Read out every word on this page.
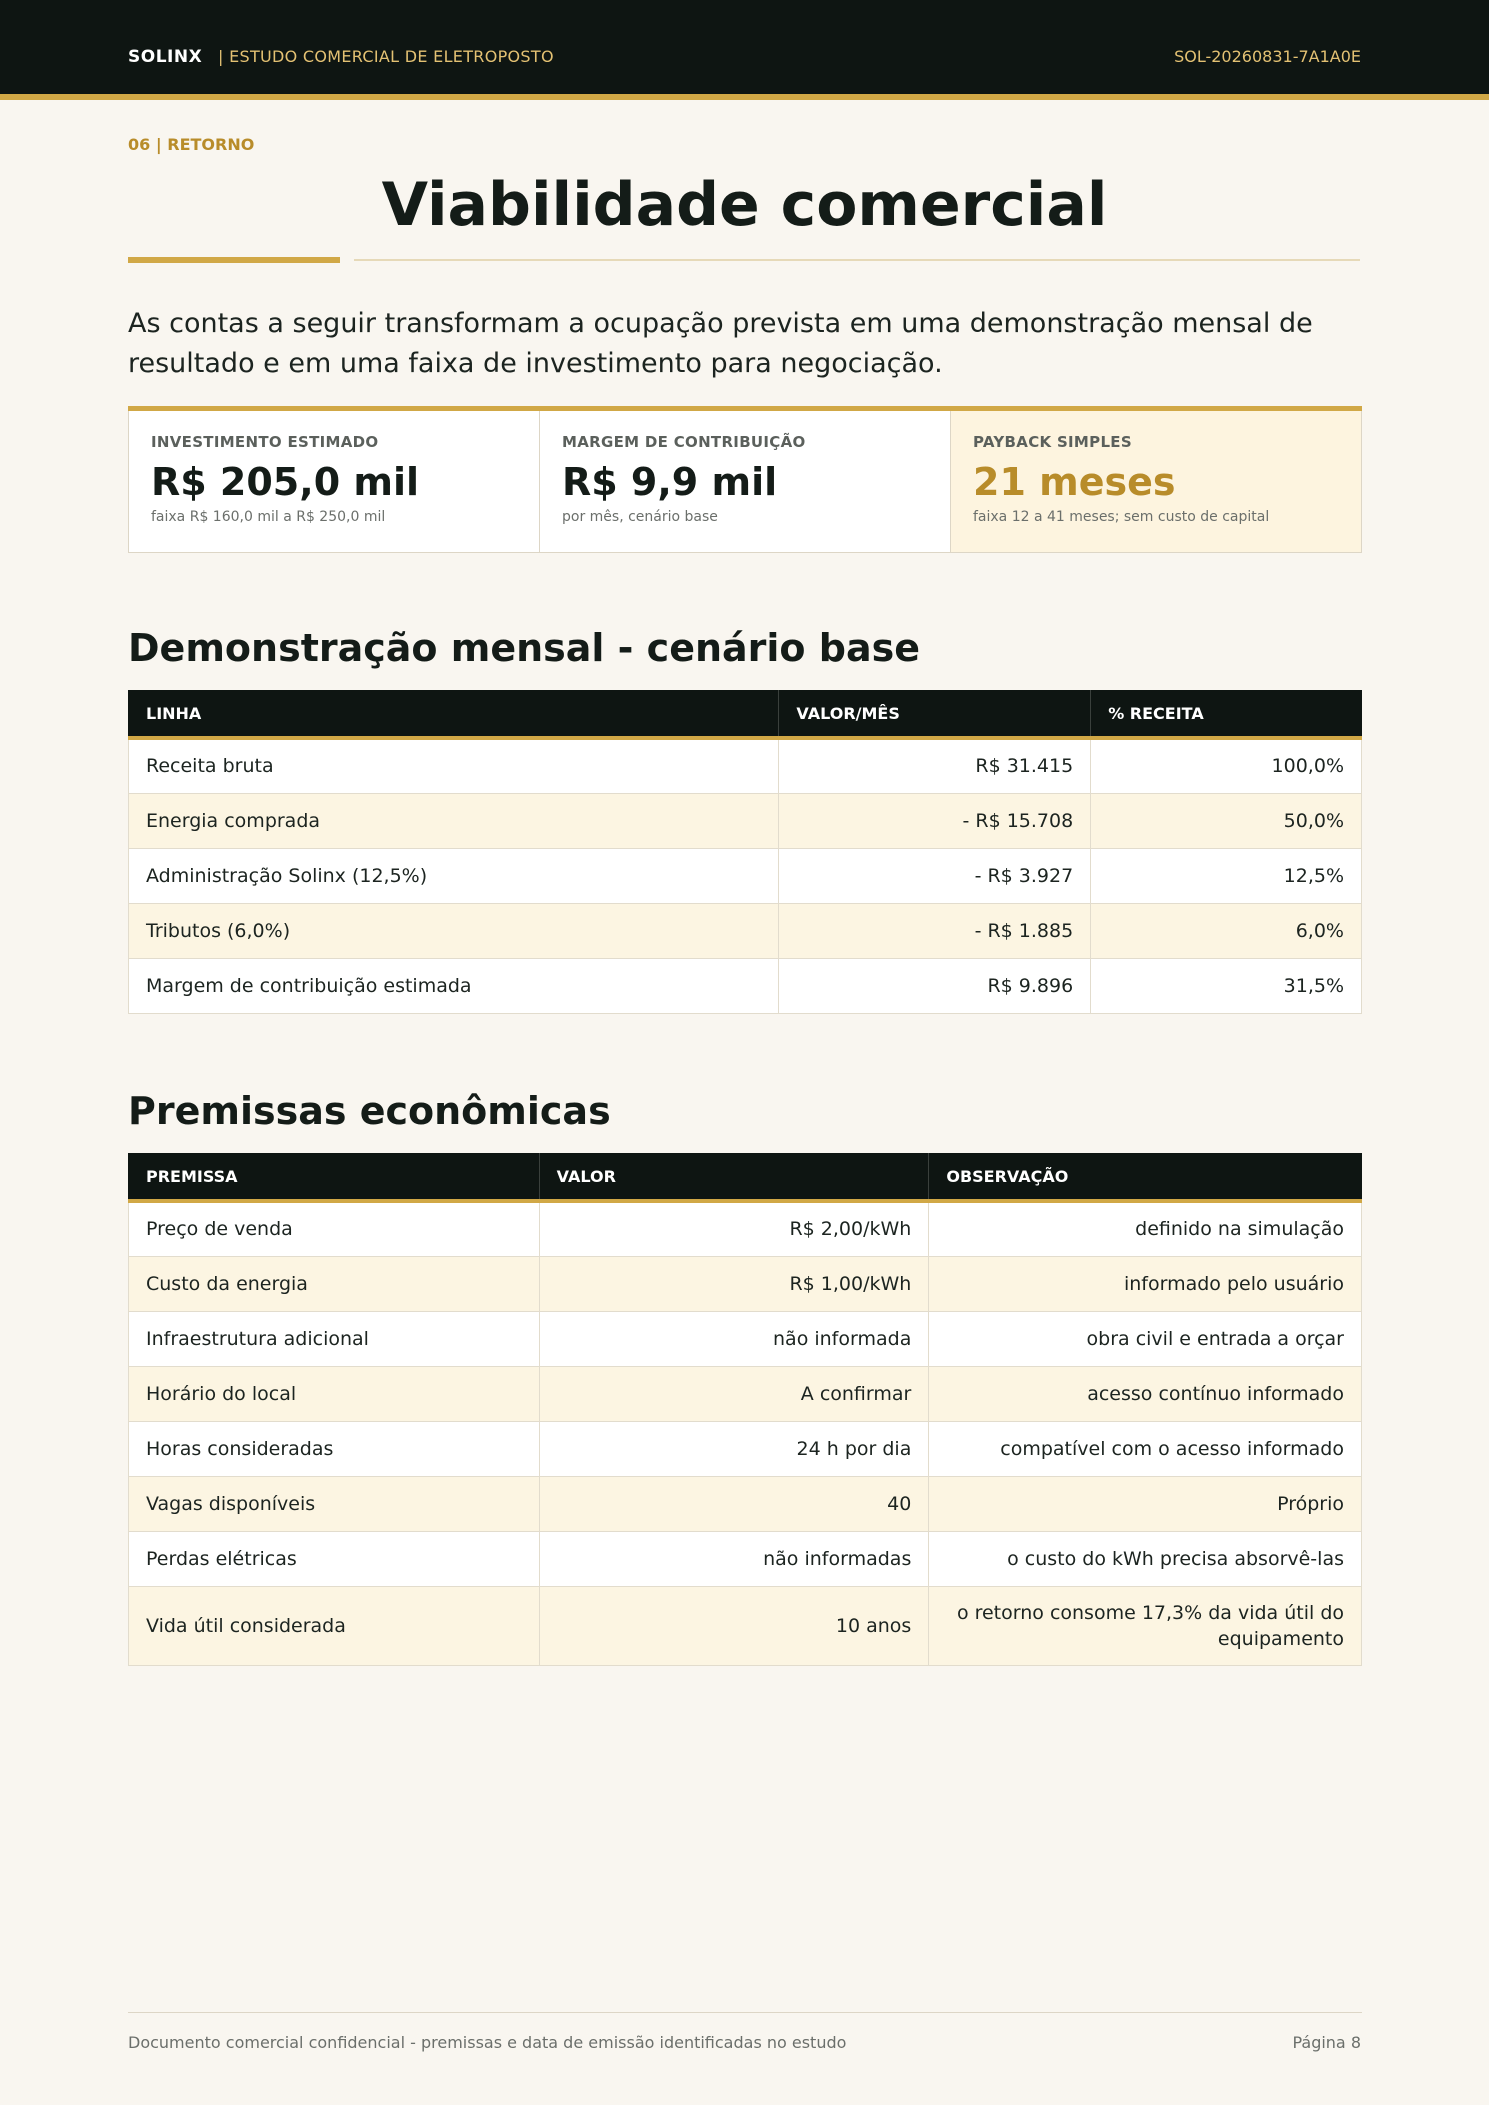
SOLINX | ESTUDO COMERCIAL DE ELETROPOSTO	SOL-20260831-7A1A0E
06 | RETORNO
Viabilidade comercial

As contas a seguir transformam a ocupação prevista em uma demonstração mensal de resultado e em uma faixa de investimento para negociação.

INVESTIMENTO ESTIMADO
R$ 205,0 mil
faixa R$ 160,0 mil a R$ 250,0 mil
MARGEM DE CONTRIBUIÇÃO
R$ 9,9 mil
por mês, cenário base
PAYBACK SIMPLES
21 meses
faixa 12 a 41 meses; sem custo de capital
Demonstração mensal - cenário base
LINHA	VALOR/MÊS	% RECEITA
Receita bruta	R$ 31.415	100,0%
Energia comprada	- R$ 15.708	50,0%
Administração Solinx (12,5%)	- R$ 3.927	12,5%
Tributos (6,0%)	- R$ 1.885	6,0%
Margem de contribuição estimada	R$ 9.896	31,5%
Premissas econômicas
PREMISSA	VALOR	OBSERVAÇÃO
Preço de venda	R$ 2,00/kWh	definido na simulação
Custo da energia	R$ 1,00/kWh	informado pelo usuário
Infraestrutura adicional	não informada	obra civil e entrada a orçar
Horário do local	A confirmar	acesso contínuo informado
Horas consideradas	24 h por dia	compatível com o acesso informado
Vagas disponíveis	40	Próprio
Perdas elétricas	não informadas	o custo do kWh precisa absorvê-las
Vida útil considerada	10 anos	o retorno consome 17,3% da vida útil do equipamento
Documento comercial confidencial - premissas e data de emissão identificadas no estudo	Página 8
